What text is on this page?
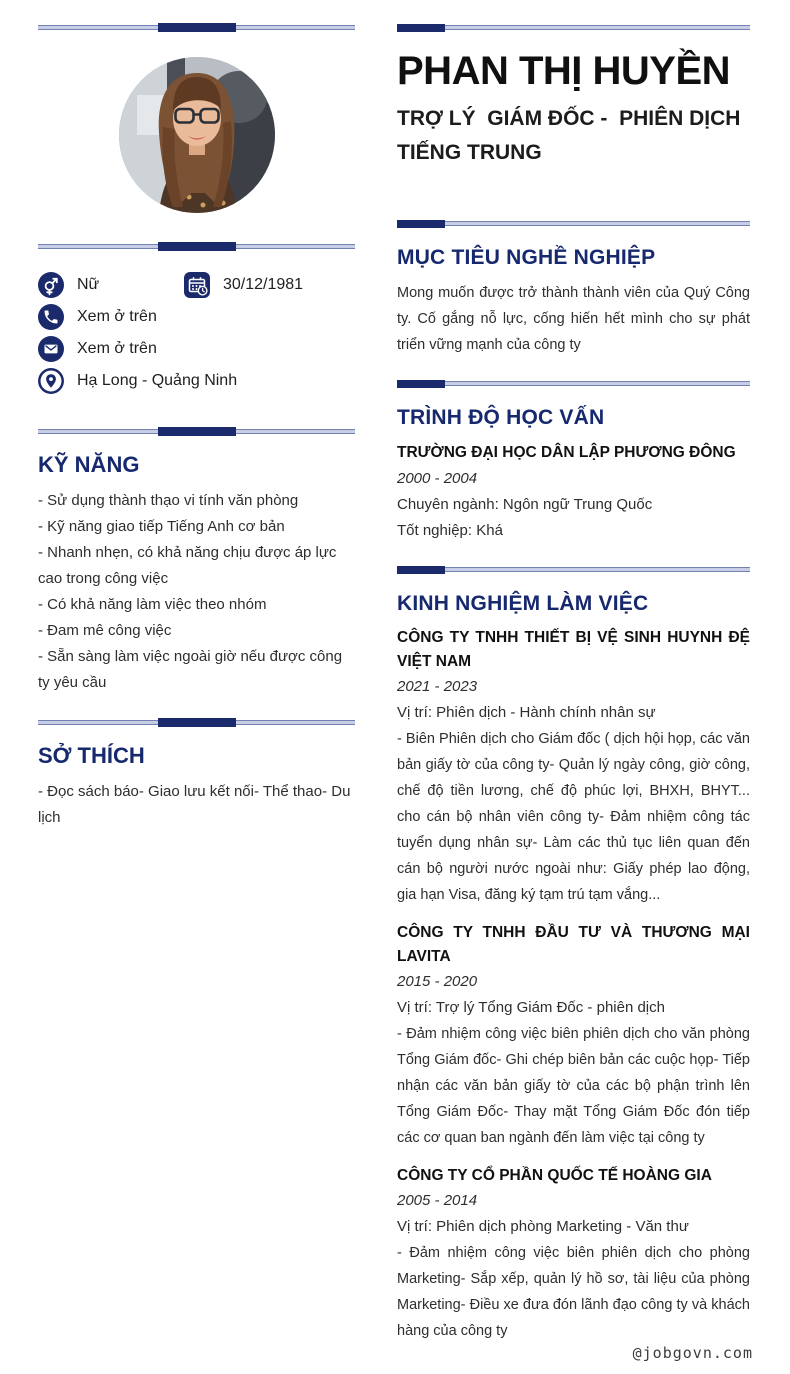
Nữ	30/12/1981
Xem ở trên
Xem ở trên
Hạ Long - Quảng Ninh
KỸ NĂNG
- Sử dụng thành thạo vi tính văn phòng
- Kỹ năng giao tiếp Tiếng Anh cơ bản
- Nhanh nhẹn, có khả năng chịu được áp lực cao trong công việc
- Có khả năng làm việc theo nhóm
- Đam mê công việc
- Sẵn sàng làm việc ngoài giờ nếu được công ty yêu cầu
SỞ THÍCH
- Đọc sách báo- Giao lưu kết nối- Thể thao- Du lịch
PHAN THỊ HUYỀN
TRỢ LÝ  GIÁM ĐỐC -  PHIÊN DỊCH
TIẾNG TRUNG
MỤC TIÊU NGHỀ NGHIỆP

Mong muốn được trở thành thành viên của Quý Công ty. Cố gắng nỗ lực, cống hiến hết mình cho sự phát triển vững mạnh của công ty

TRÌNH ĐỘ HỌC VẤN
TRƯỜNG ĐẠI HỌC DÂN LẬP PHƯƠNG ĐÔNG
2000 - 2004
Chuyên ngành: Ngôn ngữ Trung Quốc
Tốt nghiệp: Khá
KINH NGHIỆM LÀM VIỆC
CÔNG TY TNHH THIẾT BỊ VỆ SINH HUYNH ĐỆ VIỆT NAM
2021 - 2023
Vị trí: Phiên dịch - Hành chính nhân sự

- Biên Phiên dịch cho Giám đốc ( dịch hội họp, các văn bản giấy tờ của công ty- Quản lý ngày công, giờ công, chế độ tiền lương, chế độ phúc lợi, BHXH, BHYT... cho cán bộ nhân viên công ty- Đảm nhiệm công tác tuyển dụng nhân sự- Làm các thủ tục liên quan đến cán bộ người nước ngoài như: Giấy phép lao động, gia hạn Visa, đăng ký tạm trú tạm vắng...

CÔNG TY TNHH ĐẦU TƯ VÀ THƯƠNG MẠI LAVITA
2015 - 2020
Vị trí: Trợ lý Tổng Giám Đốc - phiên dịch

- Đảm nhiệm công việc biên phiên dịch cho văn phòng Tổng Giám đốc- Ghi chép biên bản các cuộc họp- Tiếp nhận các văn bản giấy tờ của các bộ phận trình lên Tổng Giám Đốc- Thay mặt Tổng Giám Đốc đón tiếp các cơ quan ban ngành đến làm việc tại công ty

CÔNG TY CỔ PHẦN QUỐC TẾ HOÀNG GIA
2005 - 2014
Vị trí: Phiên dịch phòng Marketing - Văn thư

- Đảm nhiệm công việc biên phiên dịch cho phòng Marketing- Sắp xếp, quản lý hồ sơ, tài liệu của phòng Marketing- Điều xe đưa đón lãnh đạo công ty và khách hàng của công ty

@jobgovn.com
